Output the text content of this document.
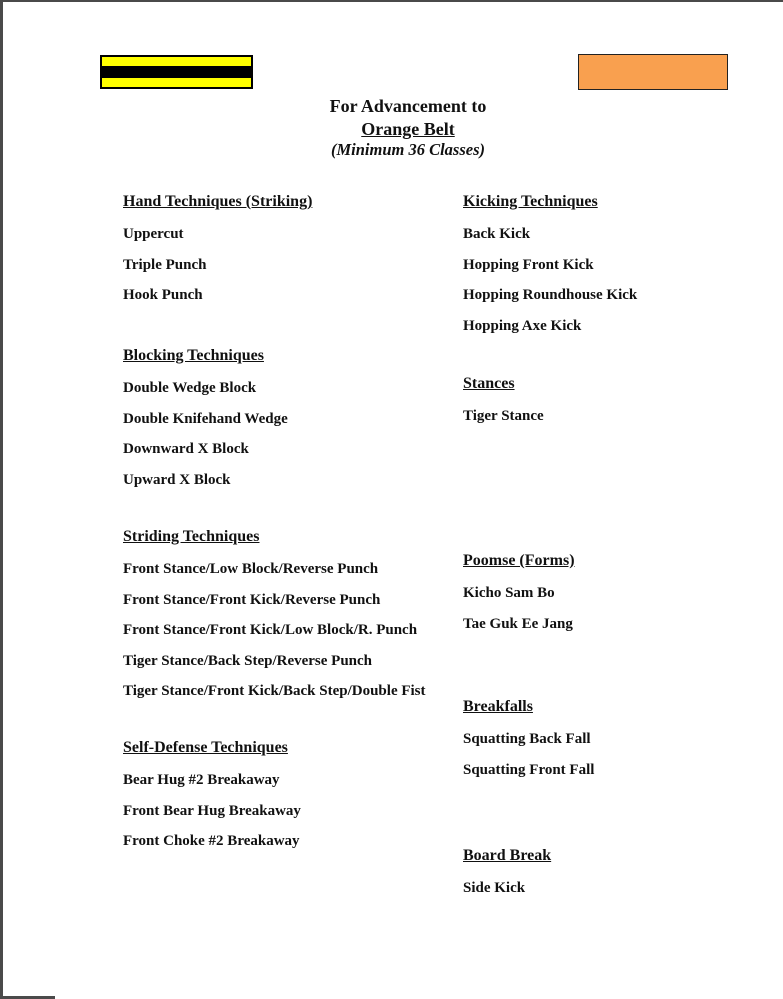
For Advancement to
Orange Belt
(Minimum 36 Classes)
Hand Techniques (Striking)
Uppercut
Triple Punch
Hook Punch
Blocking Techniques
Double Wedge Block
Double Knifehand Wedge
Downward X Block
Upward X Block
Striding Techniques
Front Stance/Low Block/Reverse Punch
Front Stance/Front Kick/Reverse Punch
Front Stance/Front Kick/Low Block/R. Punch
Tiger Stance/Back Step/Reverse Punch
Tiger Stance/Front Kick/Back Step/Double Fist
Self-Defense Techniques
Bear Hug #2 Breakaway
Front Bear Hug Breakaway
Front Choke #2 Breakaway
Kicking Techniques
Back Kick
Hopping Front Kick
Hopping Roundhouse Kick
Hopping Axe Kick
Stances
Tiger Stance
Poomse (Forms)
Kicho Sam Bo
Tae Guk Ee Jang
Breakfalls
Squatting Back Fall
Squatting Front Fall
Board Break
Side Kick
